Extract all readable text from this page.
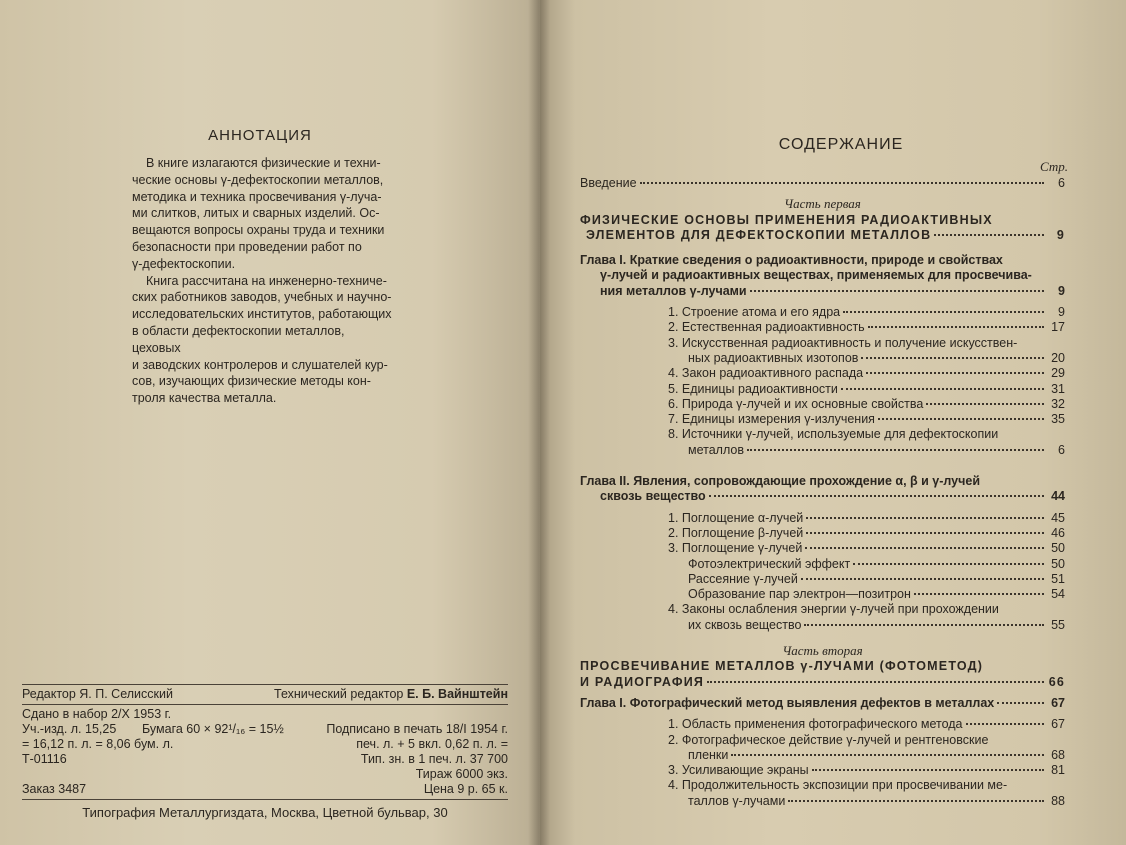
АННОТАЦИЯ

В книге излагаются физические и техни-

ческие основы γ-дефектоскопии металлов,

методика и техника просвечивания γ-луча-

ми слитков, литых и сварных изделий. Ос-

вещаются вопросы охраны труда и техники

безопасности при проведении работ по

γ-дефектоскопии.

Книга рассчитана на инженерно-техниче-

ских работников заводов, учебных и научно-

исследовательских институтов, работающих

в области дефектоскопии металлов, цеховых

и заводских контролеров и слушателей кур-

сов, изучающих физические методы кон-

троля качества металла.

Редактор Я. П. Селисский	Технический редактор Е. Б. Вайнштейн
Сдано в набор 2/X 1953 г.
Уч.-изд. л. 15,25 Бумага 60 × 92¹/₁₆ = 15½	Подписано в печать 18/I 1954 г.
= 16,12 п. л. = 8,06 бум. л.	печ. л. + 5 вкл. 0,62 п. л. =
Т-01116	Тип. зн. в 1 печ. л. 37 700
Тираж 6000 экз.
Заказ 3487	Цена 9 р. 65 к.
Типография Металлургиздата, Москва, Цветной бульвар, 30
СОДЕРЖАНИЕ
Стр.
Введение	6
Часть первая
ФИЗИЧЕСКИЕ ОСНОВЫ ПРИМЕНЕНИЯ РАДИОАКТИВНЫХ
ЭЛЕМЕНТОВ ДЛЯ ДЕФЕКТОСКОПИИ МЕТАЛЛОВ	9
Глава I. Краткие сведения о радиоактивности, природе и свойствах
γ-лучей и радиоактивных веществах, применяемых для просвечива-
ния металлов γ-лучами	9
1. Строение атома и его ядра	9
2. Естественная радиоактивность	17
3. Искусственная радиоактивность и получение искусствен-
ных радиоактивных изотопов	20
4. Закон радиоактивного распада	29
5. Единицы радиоактивности	31
6. Природа γ-лучей и их основные свойства	32
7. Единицы измерения γ-излучения	35
8. Источники γ-лучей, используемые для дефектоскопии
металлов	6
Глава II. Явления, сопровождающие прохождение α, β и γ-лучей
сквозь вещество	44
1. Поглощение α-лучей	45
2. Поглощение β-лучей	46
3. Поглощение γ-лучей	50
Фотоэлектрический эффект	50
Рассеяние γ-лучей	51
Образование пар электрон—позитрон	54
4. Законы ослабления энергии γ-лучей при прохождении
их сквозь вещество	55
Часть вторая
ПРОСВЕЧИВАНИЕ МЕТАЛЛОВ γ-ЛУЧАМИ (ФОТОМЕТОД)
И РАДИОГРАФИЯ	66
Глава I. Фотографический метод выявления дефектов в металлах	67
1. Область применения фотографического метода	67
2. Фотографическое действие γ-лучей и рентгеновские
пленки	68
3. Усиливающие экраны	81
4. Продолжительность экспозиции при просвечивании ме-
таллов γ-лучами	88
